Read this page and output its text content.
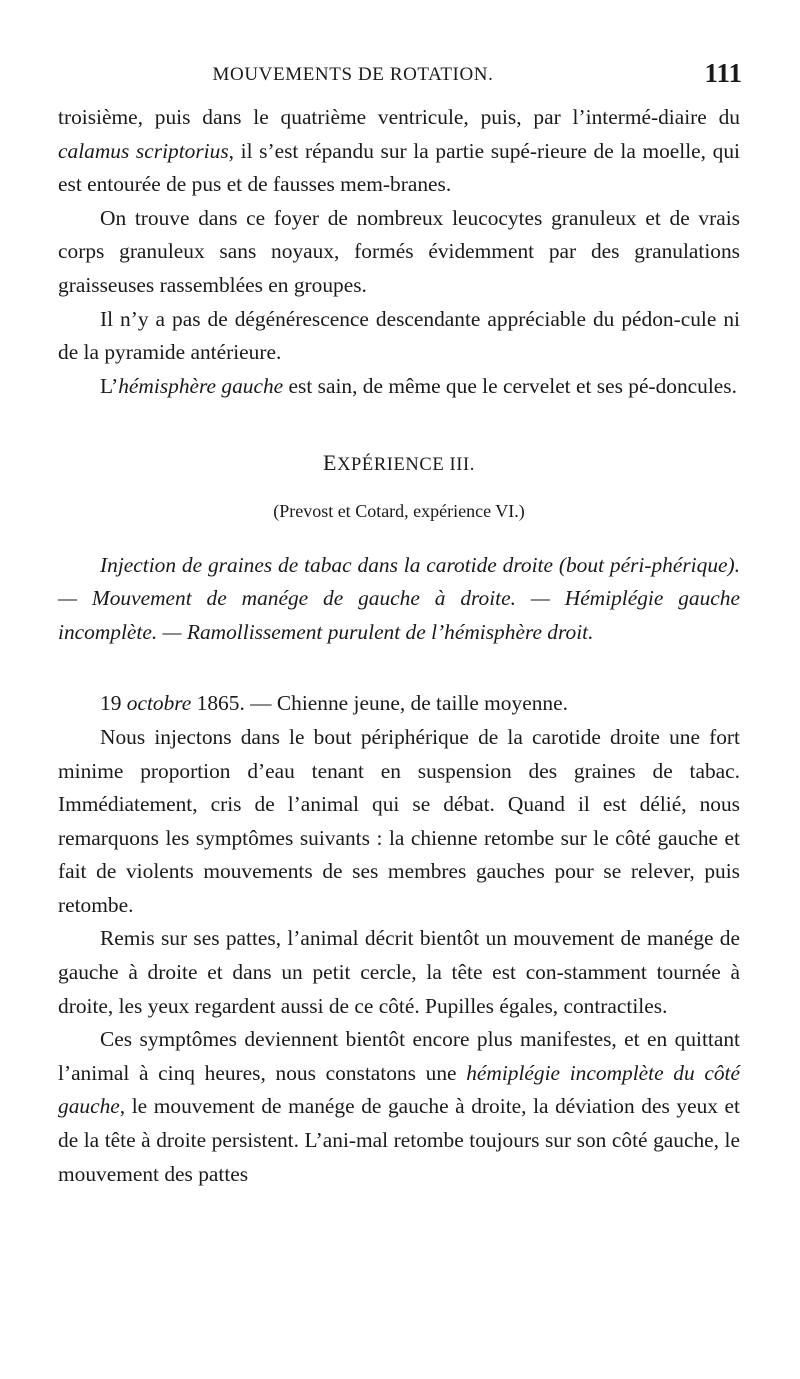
MOUVEMENTS DE ROTATION.	111

troisième, puis dans le quatrième ventricule, puis, par l’intermé-diaire du calamus scriptorius, il s’est répandu sur la partie supé-rieure de la moelle, qui est entourée de pus et de fausses mem-branes.

On trouve dans ce foyer de nombreux leucocytes granuleux et de vrais corps granuleux sans noyaux, formés évidemment par des granulations graisseuses rassemblées en groupes.

Il n’y a pas de dégénérescence descendante appréciable du pédon-cule ni de la pyramide antérieure.

L’hémisphère gauche est sain, de même que le cervelet et ses pé-doncules.

EXPÉRIENCE III.

(Prevost et Cotard, expérience VI.)

Injection de graines de tabac dans la carotide droite (bout péri-phérique). — Mouvement de manége de gauche à droite. — Hémiplégie gauche incomplète. — Ramollissement purulent de l’hémisphère droit.

19 octobre 1865. — Chienne jeune, de taille moyenne.

Nous injectons dans le bout périphérique de la carotide droite une fort minime proportion d’eau tenant en suspension des graines de tabac. Immédiatement, cris de l’animal qui se débat. Quand il est délié, nous remarquons les symptômes suivants : la chienne retombe sur le côté gauche et fait de violents mouvements de ses membres gauches pour se relever, puis retombe.

Remis sur ses pattes, l’animal décrit bientôt un mouvement de manége de gauche à droite et dans un petit cercle, la tête est con-stamment tournée à droite, les yeux regardent aussi de ce côté. Pupilles égales, contractiles.

Ces symptômes deviennent bientôt encore plus manifestes, et en quittant l’animal à cinq heures, nous constatons une hémiplégie incomplète du côté gauche, le mouvement de manége de gauche à droite, la déviation des yeux et de la tête à droite persistent. L’ani-mal retombe toujours sur son côté gauche, le mouvement des pattes
